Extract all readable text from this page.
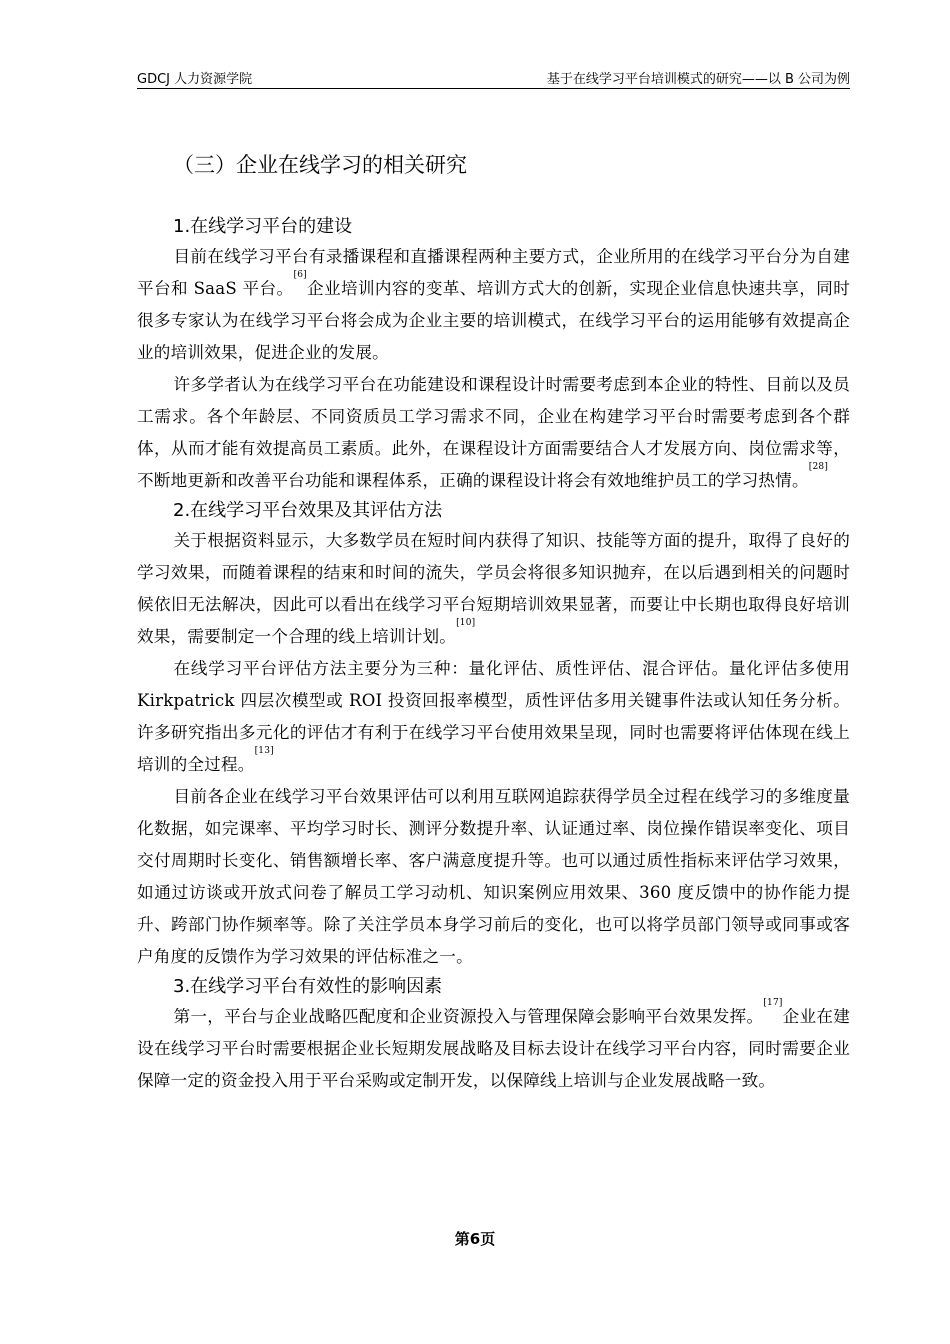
GDCJ 人力资源学院	基于在线学习平台培训模式的研究——以 B 公司为例
（三）企业在线学习的相关研究
1.在线学习平台的建设

目前在线学习平台有录播课程和直播课程两种主要方式，企业所用的在线学习平台分为自建平台和 SaaS 平台。[6]企业培训内容的变革、培训方式大的创新，实现企业信息快速共享，同时很多专家认为在线学习平台将会成为企业主要的培训模式，在线学习平台的运用能够有效提高企业的培训效果，促进企业的发展。

许多学者认为在线学习平台在功能建设和课程设计时需要考虑到本企业的特性、目前以及员工需求。各个年龄层、不同资质员工学习需求不同，企业在构建学习平台时需要考虑到各个群体，从而才能有效提高员工素质。此外，在课程设计方面需要结合人才发展方向、岗位需求等，不断地更新和改善平台功能和课程体系，正确的课程设计将会有效地维护员工的学习热情。[28]

2.在线学习平台效果及其评估方法

关于根据资料显示，大多数学员在短时间内获得了知识、技能等方面的提升，取得了良好的学习效果，而随着课程的结束和时间的流失，学员会将很多知识抛弃，在以后遇到相关的问题时候依旧无法解决，因此可以看出在线学习平台短期培训效果显著，而要让中长期也取得良好培训效果，需要制定一个合理的线上培训计划。[10]

在线学习平台评估方法主要分为三种：量化评估、质性评估、混合评估。量化评估多使用 Kirkpatrick 四层次模型或 ROI 投资回报率模型，质性评估多用关键事件法或认知任务分析。许多研究指出多元化的评估才有利于在线学习平台使用效果呈现，同时也需要将评估体现在线上培训的全过程。[13]

目前各企业在线学习平台效果评估可以利用互联网追踪获得学员全过程在线学习的多维度量化数据，如完课率、平均学习时长、测评分数提升率、认证通过率、岗位操作错误率变化、项目交付周期时长变化、销售额增长率、客户满意度提升等。也可以通过质性指标来评估学习效果，如通过访谈或开放式问卷了解员工学习动机、知识案例应用效果、360 度反馈中的协作能力提升、跨部门协作频率等。除了关注学员本身学习前后的变化，也可以将学员部门领导或同事或客户角度的反馈作为学习效果的评估标准之一。

3.在线学习平台有效性的影响因素

第一，平台与企业战略匹配度和企业资源投入与管理保障会影响平台效果发挥。[17]企业在建设在线学习平台时需要根据企业长短期发展战略及目标去设计在线学习平台内容，同时需要企业保障一定的资金投入用于平台采购或定制开发，以保障线上培训与企业发展战略一致。

第6页
